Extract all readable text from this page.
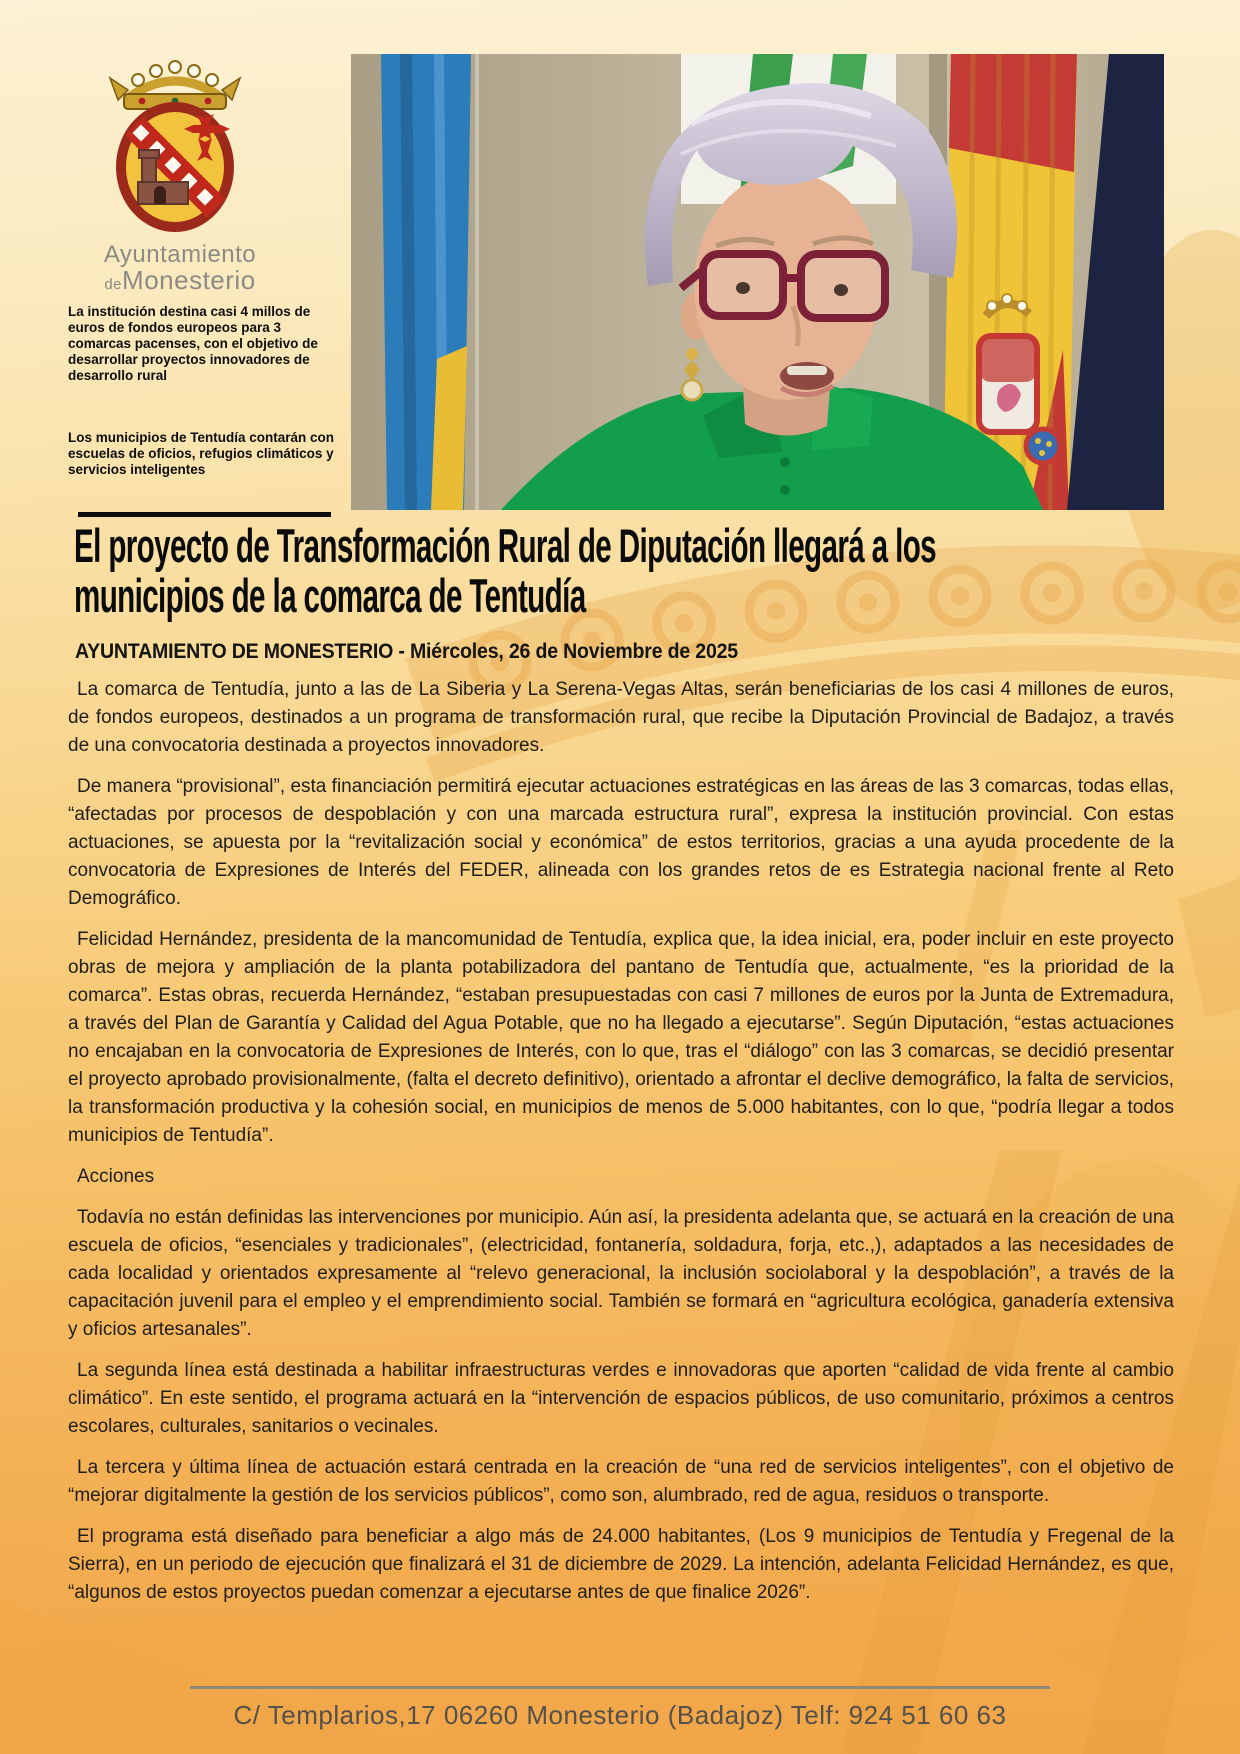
Ayuntamiento
deMonesterio

La institución destina casi 4 millos de euros de fondos europeos para 3 comarcas pacenses, con el objetivo de desarrollar proyectos innovadores de desarrollo rural

Los municipios de Tentudía contarán con escuelas de oficios, refugios climáticos y servicios inteligentes

El proyecto de Transformación Rural de Diputación llegará a los
municipios de la comarca de Tentudía

AYUNTAMIENTO DE MONESTERIO - Miércoles, 26 de Noviembre de 2025

La comarca de Tentudía, junto a las de La Siberia y La Serena-Vegas Altas, serán beneficiarias de los casi 4 millones de euros, de fondos europeos, destinados a un programa de transformación rural, que recibe la Diputación Provincial de Badajoz, a través de una convocatoria destinada a proyectos innovadores.

De manera “provisional”, esta financiación permitirá ejecutar actuaciones estratégicas en las áreas de las 3 comarcas, todas ellas, “afectadas por procesos de despoblación y con una marcada estructura rural”, expresa la institución provincial. Con estas actuaciones, se apuesta por la “revitalización social y económica” de estos territorios, gracias a una ayuda procedente de la convocatoria de Expresiones de Interés del FEDER, alineada con los grandes retos de es Estrategia nacional frente al Reto Demográfico.

Felicidad Hernández, presidenta de la mancomunidad de Tentudía, explica que, la idea inicial, era, poder incluir en este proyecto obras de mejora y ampliación de la planta potabilizadora del pantano de Tentudía que, actualmente, “es la prioridad de la comarca”. Estas obras, recuerda Hernández, “estaban presupuestadas con casi 7 millones de euros por la Junta de Extremadura, a través del Plan de Garantía y Calidad del Agua Potable, que no ha llegado a ejecutarse”. Según Diputación, “estas actuaciones no encajaban en la convocatoria de Expresiones de Interés, con lo que, tras el “diálogo” con las 3 comarcas, se decidió presentar el proyecto aprobado provisionalmente, (falta el decreto definitivo), orientado a afrontar el declive demográfico, la falta de servicios, la transformación productiva y la cohesión social, en municipios de menos de 5.000 habitantes, con lo que, “podría llegar a todos municipios de Tentudía”.

Acciones

Todavía no están definidas las intervenciones por municipio. Aún así, la presidenta adelanta que, se actuará en la creación de una escuela de oficios, “esenciales y tradicionales”, (electricidad, fontanería, soldadura, forja, etc.,), adaptados a las necesidades de cada localidad y orientados expresamente al “relevo generacional, la inclusión sociolaboral y la despoblación”, a través de la capacitación juvenil para el empleo y el emprendimiento social. También se formará en “agricultura ecológica, ganadería extensiva y oficios artesanales”.

La segunda línea está destinada a habilitar infraestructuras verdes e innovadoras que aporten “calidad de vida frente al cambio climático”. En este sentido, el programa actuará en la “intervención de espacios públicos, de uso comunitario, próximos a centros escolares, culturales, sanitarios o vecinales.

La tercera y última línea de actuación estará centrada en la creación de “una red de servicios inteligentes”, con el objetivo de “mejorar digitalmente la gestión de los servicios públicos”, como son, alumbrado, red de agua, residuos o transporte.

El programa está diseñado para beneficiar a algo más de 24.000 habitantes, (Los 9 municipios de Tentudía y Fregenal de la Sierra), en un periodo de ejecución que finalizará el 31 de diciembre de 2029. La intención, adelanta Felicidad Hernández, es que, “algunos de estos proyectos puedan comenzar a ejecutarse antes de que finalice 2026”.

C/ Templarios,17 06260 Monesterio (Badajoz) Telf: 924 51 60 63
